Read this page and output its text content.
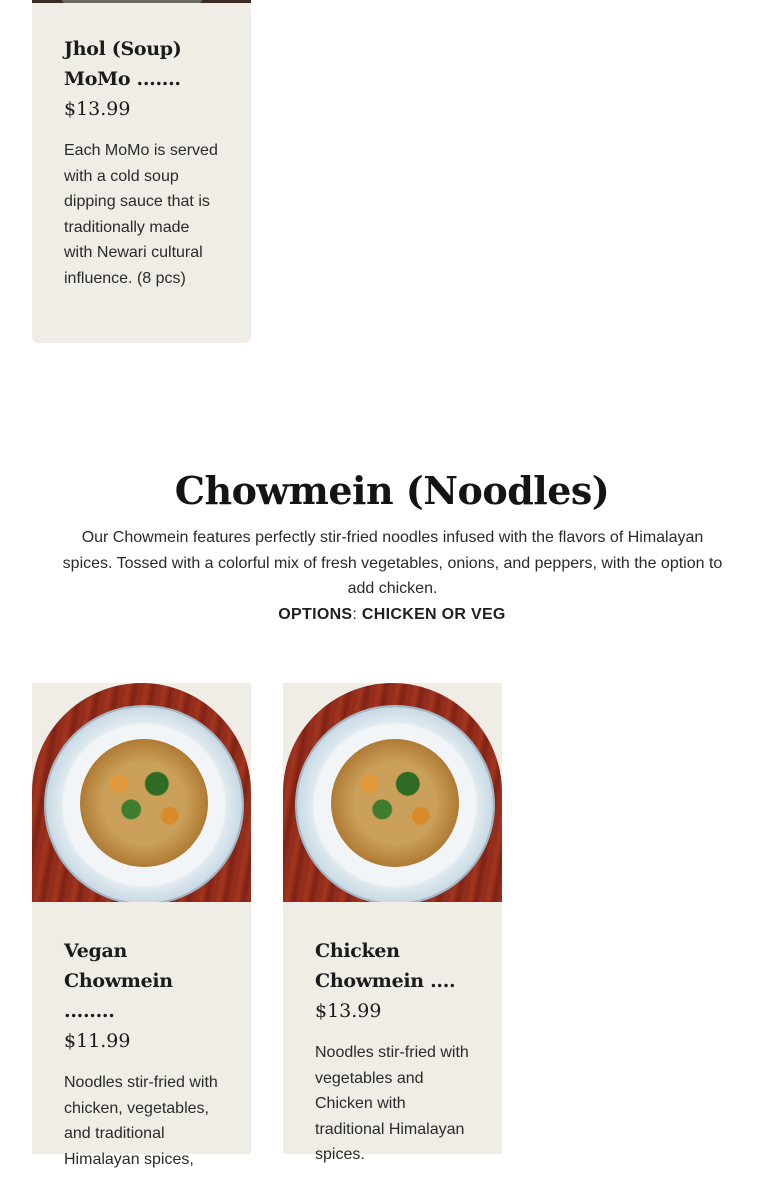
Jhol (Soup)
MoMo .......
$13.99
Each MoMo is served with a cold soup dipping sauce that is traditionally made with Newari cultural influence. (8 pcs)
Chowmein (Noodles)

Our Chowmein features perfectly stir-fried noodles infused with the flavors of Himalayan spices. Tossed with a colorful mix of fresh vegetables, onions, and peppers, with the option to add chicken.

OPTIONS: CHICKEN OR VEG

Vegan
Chowmein ........
$11.99
Noodles stir-fried with chicken, vegetables, and traditional Himalayan spices,
Chicken
Chowmein ....
$13.99
Noodles stir-fried with vegetables and Chicken with traditional Himalayan spices.
